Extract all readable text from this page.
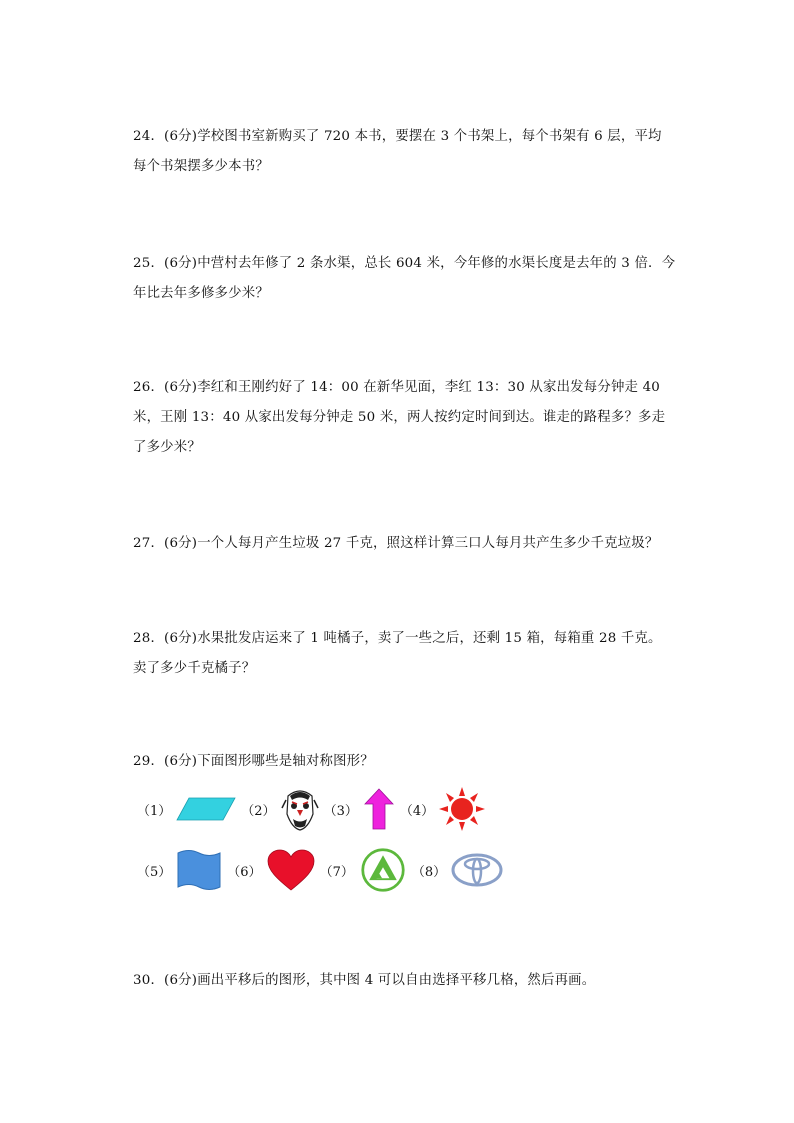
24．(6分)学校图书室新购买了 720 本书，要摆在 3 个书架上，每个书架有 6 层，平均
每个书架摆多少本书？
25．(6分)中营村去年修了 2 条水渠，总长 604 米，今年修的水渠长度是去年的 3 倍．今
年比去年多修多少米？
26．(6分)李红和王刚约好了 14：00 在新华见面，李红 13：30 从家出发每分钟走 40
米，王刚 13：40 从家出发每分钟走 50 米，两人按约定时间到达。谁走的路程多？多走
了多少米？
27．(6分)一个人每月产生垃圾 27 千克，照这样计算三口人每月共产生多少千克垃圾？
28．(6分)水果批发店运来了 1 吨橘子，卖了一些之后，还剩 15 箱，每箱重 28 千克。
卖了多少千克橘子？
29．(6分)下面图形哪些是轴对称图形？
（1）	（2）	（3）	（4）
（5）	（6）	（7）	（8）
30．(6分)画出平移后的图形，其中图 4 可以自由选择平移几格，然后再画。
